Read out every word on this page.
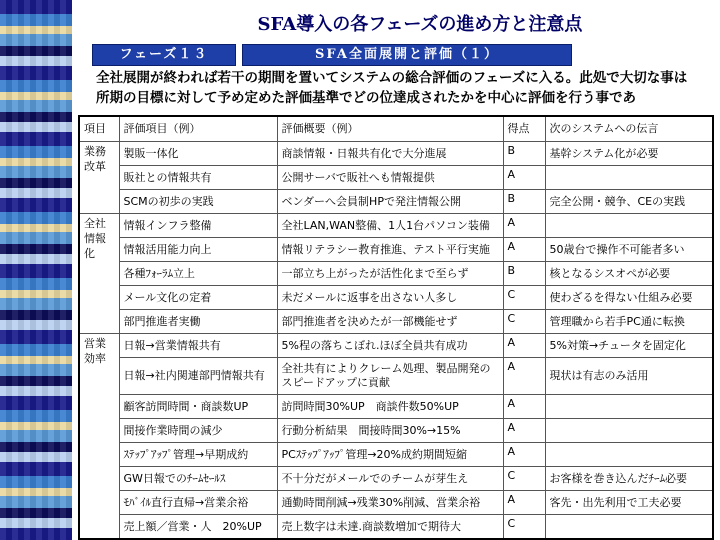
SFA導入の各フェーズの進め方と注意点
フェーズ１３	SFA全面展開と評価（１）
全社展開が終われば若干の期間を置いてシステムの総合評価のフェーズに入る。此処で大切な事は所期の目標に対して予め定めた評価基準でどの位達成されたかを中心に評価を行う事であ
項目	評価項目（例）	評価概要（例）	得点	次のシステムへの伝言
業務改革	製販一体化	商談情報・日報共有化で大分進展	B	基幹システム化が必要
	販社との情報共有	公開サーバで販社へも情報提供	A	
	SCMの初歩の実践	ベンダーへ会員制HPで発注情報公開	B	完全公開・競争、CEの実践
全社情報化	情報インフラ整備	全社LAN,WAN整備、1人1台パソコン装備	A	
	情報活用能力向上	情報リテラシー教育推進、テスト平行実施	A	50歳台で操作不可能者多い
	各種ﾌｫｰﾗﾑ立上	一部立ち上がったが活性化まで至らず	B	核となるシスオペが必要
	メール文化の定着	未だメールに返事を出さない人多し	C	使わざるを得ない仕組み必要
	部門推進者実働	部門推進者を決めたが一部機能せず	C	管理職から若手PC通に転換
営業効率	日報→営業情報共有	5%程の落ちこぼれ.ほぼ全員共有成功	A	5%対策→チュータを固定化
	日報→社内関連部門情報共有	全社共有によりクレーム処理、製品開発のスピードアップに貢献	A	現状は有志のみ活用
	顧客訪問時間・商談数UP	訪問時間30%UP　商談件数50%UP	A	
	間接作業時間の減少	行動分析結果　間接時間30%→15%	A	
	ｽﾃｯﾌﾟｱｯﾌﾟ管理→早期成約	PCｽﾃｯﾌﾟｱｯﾌﾟ管理→20%成約期間短縮	A	
	GW日報でのﾁｰﾑｾｰﾙｽ	不十分だがメールでのチームが芽生え	C	お客様を巻き込んだﾁｰﾑ必要
	ﾓﾊﾞｲﾙ直行直帰→営業余裕	通勤時間削減→残業30%削減、営業余裕	A	客先・出先利用で工夫必要
	売上額／営業・人　20%UP	売上数字は未達.商談数増加で期待大	C	
